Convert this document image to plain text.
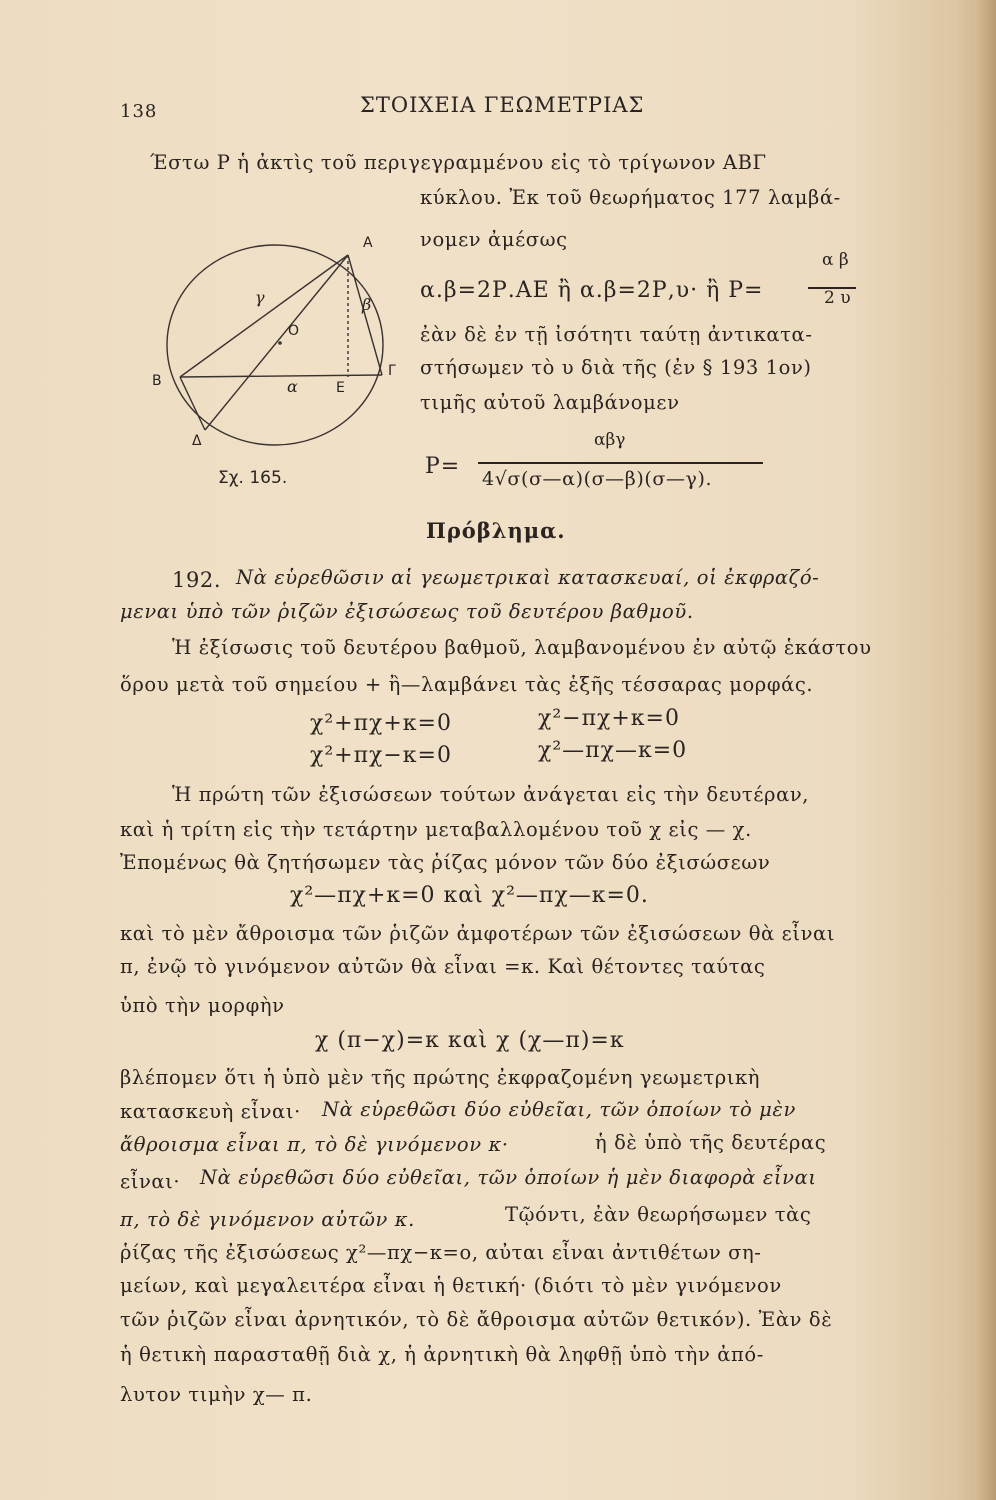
138	ΣΤΟΙΧΕΙΑ ΓΕΩΜΕΤΡΙΑΣ
Έστω Ρ ἡ ἀκτὶς τοῦ περιγεγραμμένου εἰς τὸ τρίγωνον ΑΒΓ
κύκλου. Ἐκ τοῦ θεωρήματος 177 λαμβά-
νομεν ἀμέσως
α.β=2Ρ.ΑΕ ἢ α.β=2Ρ,υ· ἢ Ρ=
α β
2 υ
ἐὰν δὲ ἐν τῇ ἰσότητι ταύτῃ ἀντικατα-
στήσωμεν τὸ υ διὰ τῆς (ἐν § 193 1ον)
τιμῆς αὐτοῦ λαμβάνομεν
Ρ=
αβγ
4√σ(σ—α)(σ—β)(σ—γ).
Α
Β
Γ
Δ
Ε
Ο
α
β
γ
Σχ. 165.
Πρόβλημα.
192. Νὰ εὑρεθῶσιν αἱ γεωμετρικαὶ κατασκευαί, οἱ ἐκφραζό-
μεναι ὑπὸ τῶν ῥιζῶν ἐξισώσεως τοῦ δευτέρου βαθμοῦ.
Ἡ ἐξίσωσις τοῦ δευτέρου βαθμοῦ, λαμβανομένου ἐν αὐτῷ ἑκάστου
ὅρου μετὰ τοῦ σημείου + ἢ—λαμβάνει τὰς ἑξῆς τέσσαρας μορφάς.
χ²+πχ+κ=0	χ²−πχ+κ=0
χ²+πχ−κ=0	χ²—πχ—κ=0
Ἡ πρώτη τῶν ἐξισώσεων τούτων ἀνάγεται εἰς τὴν δευτέραν,
καὶ ἡ τρίτη εἰς τὴν τετάρτην μεταβαλλομένου τοῦ χ εἰς — χ.
Ἐπομένως θὰ ζητήσωμεν τὰς ῥίζας μόνον τῶν δύο ἐξισώσεων
χ²—πχ+κ=0 καὶ χ²—πχ—κ=0.
καὶ τὸ μὲν ἄθροισμα τῶν ῥιζῶν ἀμφοτέρων τῶν ἐξισώσεων θὰ εἶναι
π, ἐνῷ τὸ γινόμενον αὐτῶν θὰ εἶναι =κ. Καὶ θέτοντες ταύτας
ὑπὸ τὴν μορφὴν
χ (π−χ)=κ καὶ χ (χ—π)=κ
βλέπομεν ὅτι ἡ ὑπὸ μὲν τῆς πρώτης ἐκφραζομένη γεωμετρικὴ
κατασκευὴ εἶναι· Νὰ εὑρεθῶσι δύο εὐθεῖαι, τῶν ὁποίων τὸ μὲν
ἄθροισμα εἶναι π, τὸ δὲ γινόμενον κ·	ἡ δὲ ὑπὸ τῆς δευτέρας
εἶναι· Νὰ εὑρεθῶσι δύο εὐθεῖαι, τῶν ὁποίων ἡ μὲν διαφορὰ εἶναι
π, τὸ δὲ γινόμενον αὐτῶν κ.	Τῷόντι, ἐὰν θεωρήσωμεν τὰς
ῥίζας τῆς ἐξισώσεως χ²—πχ−κ=ο, αὐται εἶναι ἀντιθέτων ση-
μείων, καὶ μεγαλειτέρα εἶναι ἡ θετική· (διότι τὸ μὲν γινόμενον
τῶν ῥιζῶν εἶναι ἀρνητικόν, τὸ δὲ ἄθροισμα αὐτῶν θετικόν). Ἐὰν δὲ
ἡ θετικὴ παρασταθῇ διὰ χ, ἡ ἀρνητικὴ θὰ ληφθῇ ὑπὸ τὴν ἀπό-
λυτον τιμὴν χ— π.
